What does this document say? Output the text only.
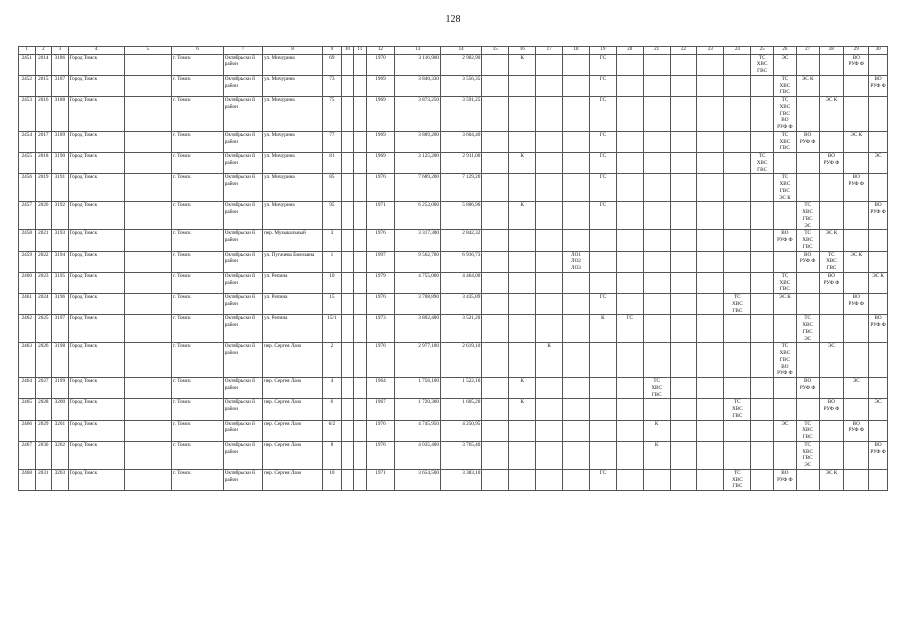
128
1	2	3	4	5	6	7	8	9	10	11	12	13	14	15	16	17	18	19	20	21	22	23	24	25	26	27	28	29	30
2451	2014	3186	Город Томск		г. Томск	Октябрьски й район	ул. Мичурина	69			1970	3 116,900	2 902,90		К			ГС						ТС
ХВС
ГВС	ЭС			ВО
РУФ Ф	
2452	2015	3187	Город Томск		г. Томск	Октябрьски й район	ул. Мичурина	73			1969	3 840,330	3 556,35					ГС							ТС
ХВС
ГВС	ЭС К			ВО
РУФ Ф
2453	2016	3188	Город Томск		г. Томск	Октябрьски й район	ул. Мичурина	75			1969	3 873,250	3 591,25					ГС							ТС
ХВС
ГВС
ВО
РУФ Ф		ЭС К		
2454	2017	3189	Город Томск		г. Томск	Октябрьски й район	ул. Мичурина	77			1969	3 889,200	3 604,40					ГС							ТС
ХВС
ГВС	ВО
РУФ Ф		ЭС К	
2455	2018	3190	Город Томск		г. Томск	Октябрьски й район	ул. Мичурина	81			1969	3 125,200	2 911,00		К			ГС						ТС
ХВС
ГВС			ВО
РУФ Ф		ЭС
2456	2019	3191	Город Томск		г. Томск	Октябрьски й район	ул. Мичурина	85			1970	7 689,200	7 129,20					ГС							ТС
ХВС
ГВС
ЭС К			ВО
РУФ Ф	
2457	2020	3192	Город Томск		г. Томск	Октябрьски й район	ул. Мичурина	95			1971	6 253,000	5 806,90		К			ГС								ТС
ХВС
ГВС
ЭС			ВО
РУФ Ф
2458	2021	3193	Город Томск		г. Томск	Октябрьски й район	пер. Музыкальный	3			1976	3 317,300	2 842,32												ВО
РУФ Ф	ТС
ХВС
ГВС	ЭС К		
2459	2022	3194	Город Томск		г. Томск	Октябрьски й район	ул. Пугачева Емельяна	1			1997	9 562,700	6 916,73				ЛО1
ЛО2
ЛО3									ВО
РУФ Ф	ТС
ХВС
ГВС	ЭС К	
2460	2023	3195	Город Томск		г. Томск	Октябрьски й район	ул. Репина	10			1979	4 755,000	4 464,00												ТС
ХВС
ГВС		ВО
РУФ Ф		ЭС К
2461	2024	3196	Город Томск		г. Томск	Октябрьски й район	ул. Репина	15			1970	3 708,890	3 435,89					ГС					ТС
ХВС
ГВС		ЭС К			ВО
РУФ Ф	
2462	2025	3197	Город Томск		г. Томск	Октябрьски й район	ул. Репина	15/1			1973	3 802,400	3 521,20					К	ГС							ТС
ХВС
ГВС
ЭС			ВО
РУФ Ф
2463	2026	3198	Город Томск		г. Томск	Октябрьски й район	пер. Сергея Лазо	2			1976	2 977,100	2 619,10			К									ТС
ХВС
ГВС
ВО
РУФ Ф		ЭС		
2464	2027	3199	Город Томск		г. Томск	Октябрьски й район	пер. Сергея Лазо	4			1964	1 756,100	1 522,10		К					ТС
ХВС
ГВС						ВО
РУФ Ф		ЭС	
2465	2028	3200	Город Томск		г. Томск	Октябрьски й район	пер. Сергея Лазо	6			1967	1 720,300	1 605,20		К								ТС
ХВС
ГВС				ВО
РУФ Ф		ЭС
2466	2029	3201	Город Томск		г. Томск	Октябрьски й район	пер. Сергея Лазо	6/2			1976	4 745,950	4 250,95							К					ЭС	ТС
ХВС
ГВС		ВО
РУФ Ф	
2467	2030	3202	Город Томск		г. Томск	Октябрьски й район	пер. Сергея Лазо	8			1976	4 035,400	3 765,40							К						ТС
ХВС
ГВС
ЭС			ВО
РУФ Ф
2468	2031	3203	Город Томск		г. Томск	Октябрьски й район	пер. Сергея Лазо	10			1971	3 654,500	3 383,10					ГС					ТС
ХВС
ГВС		ВО
РУФ Ф		ЭС К		
